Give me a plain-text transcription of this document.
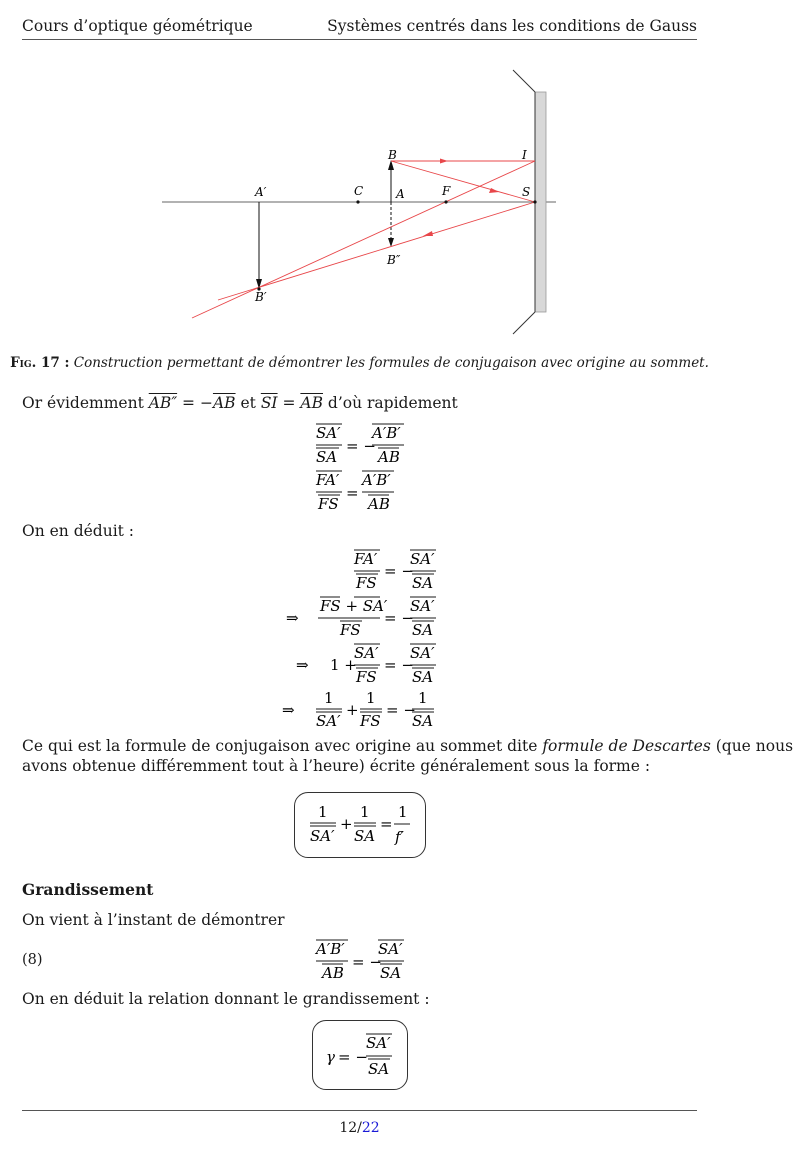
Cours d’optique géométrique	Systèmes centrés dans les conditions de Gauss
B	I
A′	C	A	F	S
B″
B′
Fig. 17 : Construction permettant de démontrer les formules de conjugaison avec origine au sommet.
Or évidemment $AB'' = -\overline{AB}$ et $\overline{SI} = \overline{AB}$ d’où rapidement
SA′
SA
= −
A′B′
AB
FA′
FS
=
A′B′
AB
On en déduit :
FA′
FS
= −
SA′
SA
⇒
FS + SA′
FS
= −
SA′
SA
⇒ 1 +
SA′
FS
= −
SA′
SA
⇒
1
SA′
+
1
FS
= −
1
SA
Ce qui est la formule de conjugaison avec origine au sommet dite formule de Descartes (que nous
avons obtenue différemment tout à l’heure) écrite généralement sous la forme :
1
SA′
+
1
SA
=
1
f′
Grandissement
On vient à l’instant de démontrer
(8)
A′B′
AB
= −
SA′
SA
On en déduit la relation donnant le grandissement :
γ = −
SA′
SA
12/22
